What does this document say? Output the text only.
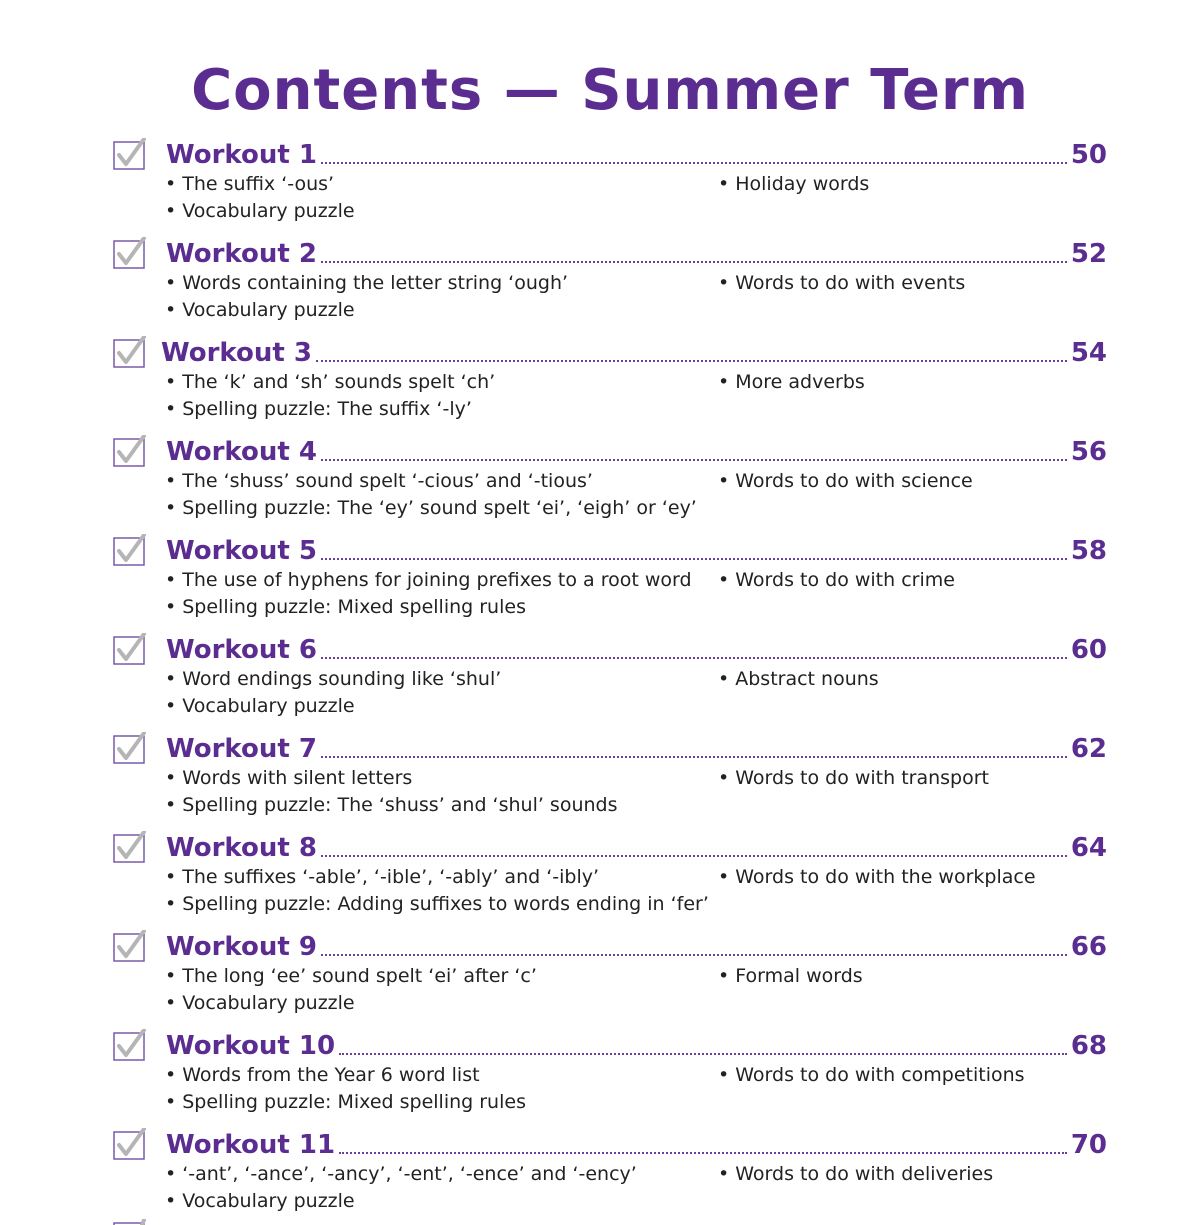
Contents — Summer Term
Workout 1	50
• The suffix ‘-ous’	• Holiday words
• Vocabulary puzzle
Workout 2	52
• Words containing the letter string ‘ough’	• Words to do with events
• Vocabulary puzzle
Workout 3	54
• The ‘k’ and ‘sh’ sounds spelt ‘ch’	• More adverbs
• Spelling puzzle: The suffix ‘-ly’
Workout 4	56
• The ‘shuss’ sound spelt ‘-cious’ and ‘-tious’	• Words to do with science
• Spelling puzzle: The ‘ey’ sound spelt ‘ei’, ‘eigh’ or ‘ey’
Workout 5	58
• The use of hyphens for joining prefixes to a root word • Words to do with crime
• Spelling puzzle: Mixed spelling rules
Workout 6	60
• Word endings sounding like ‘shul’	• Abstract nouns
• Vocabulary puzzle
Workout 7	62
• Words with silent letters	• Words to do with transport
• Spelling puzzle: The ‘shuss’ and ‘shul’ sounds
Workout 8	64
• The suffixes ‘-able’, ‘-ible’, ‘-ably’ and ‘-ibly’	• Words to do with the workplace
• Spelling puzzle: Adding suffixes to words ending in ‘fer’
Workout 9	66
• The long ‘ee’ sound spelt ‘ei’ after ‘c’	• Formal words
• Vocabulary puzzle
Workout 10	68
• Words from the Year 6 word list	• Words to do with competitions
• Spelling puzzle: Mixed spelling rules
Workout 11	70
• ‘-ant’, ‘-ance’, ‘-ancy’, ‘-ent’, ‘-ence’ and ‘-ency’	• Words to do with deliveries
• Vocabulary puzzle
